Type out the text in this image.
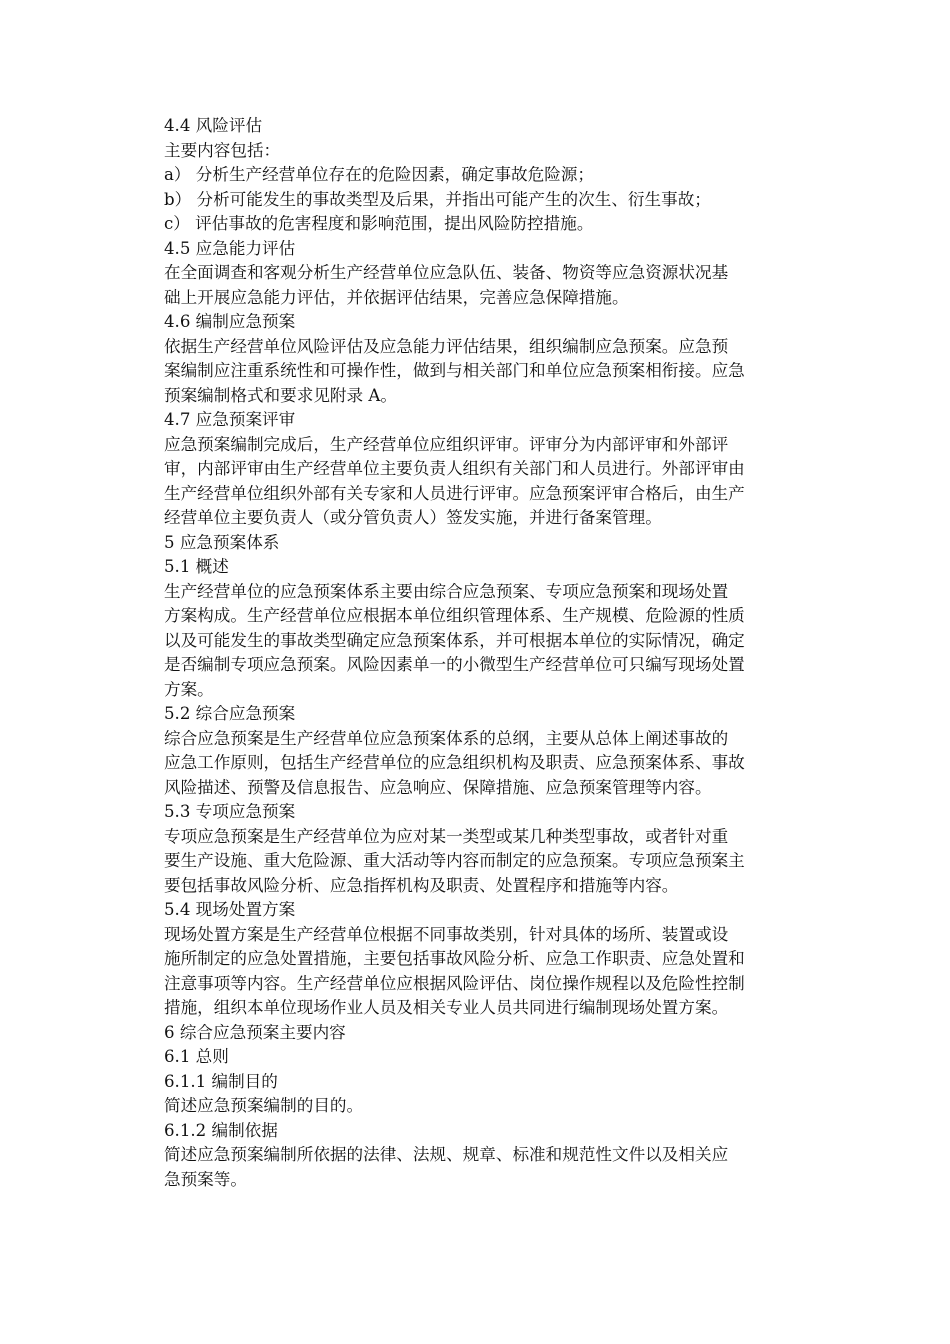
4.4 风险评估
主要内容包括：
a） 分析生产经营单位存在的危险因素，确定事故危险源；
b） 分析可能发生的事故类型及后果，并指出可能产生的次生、衍生事故；
c） 评估事故的危害程度和影响范围，提出风险防控措施。
4.5 应急能力评估
在全面调查和客观分析生产经营单位应急队伍、装备、物资等应急资源状况基
础上开展应急能力评估，并依据评估结果，完善应急保障措施。
4.6 编制应急预案
依据生产经营单位风险评估及应急能力评估结果，组织编制应急预案。应急预
案编制应注重系统性和可操作性，做到与相关部门和单位应急预案相衔接。应急
预案编制格式和要求见附录 A。
4.7 应急预案评审
应急预案编制完成后，生产经营单位应组织评审。评审分为内部评审和外部评
审，内部评审由生产经营单位主要负责人组织有关部门和人员进行。外部评审由
生产经营单位组织外部有关专家和人员进行评审。应急预案评审合格后，由生产
经营单位主要负责人（或分管负责人）签发实施，并进行备案管理。
5 应急预案体系
5.1 概述
生产经营单位的应急预案体系主要由综合应急预案、专项应急预案和现场处置
方案构成。生产经营单位应根据本单位组织管理体系、生产规模、危险源的性质
以及可能发生的事故类型确定应急预案体系，并可根据本单位的实际情况，确定
是否编制专项应急预案。风险因素单一的小微型生产经营单位可只编写现场处置
方案。
5.2 综合应急预案
综合应急预案是生产经营单位应急预案体系的总纲，主要从总体上阐述事故的
应急工作原则，包括生产经营单位的应急组织机构及职责、应急预案体系、事故
风险描述、预警及信息报告、应急响应、保障措施、应急预案管理等内容。
5.3 专项应急预案
专项应急预案是生产经营单位为应对某一类型或某几种类型事故，或者针对重
要生产设施、重大危险源、重大活动等内容而制定的应急预案。专项应急预案主
要包括事故风险分析、应急指挥机构及职责、处置程序和措施等内容。
5.4 现场处置方案
现场处置方案是生产经营单位根据不同事故类别，针对具体的场所、装置或设
施所制定的应急处置措施，主要包括事故风险分析、应急工作职责、应急处置和
注意事项等内容。生产经营单位应根据风险评估、岗位操作规程以及危险性控制
措施，组织本单位现场作业人员及相关专业人员共同进行编制现场处置方案。
6 综合应急预案主要内容
6.1 总则
6.1.1 编制目的
简述应急预案编制的目的。
6.1.2 编制依据
简述应急预案编制所依据的法律、法规、规章、标准和规范性文件以及相关应
急预案等。
